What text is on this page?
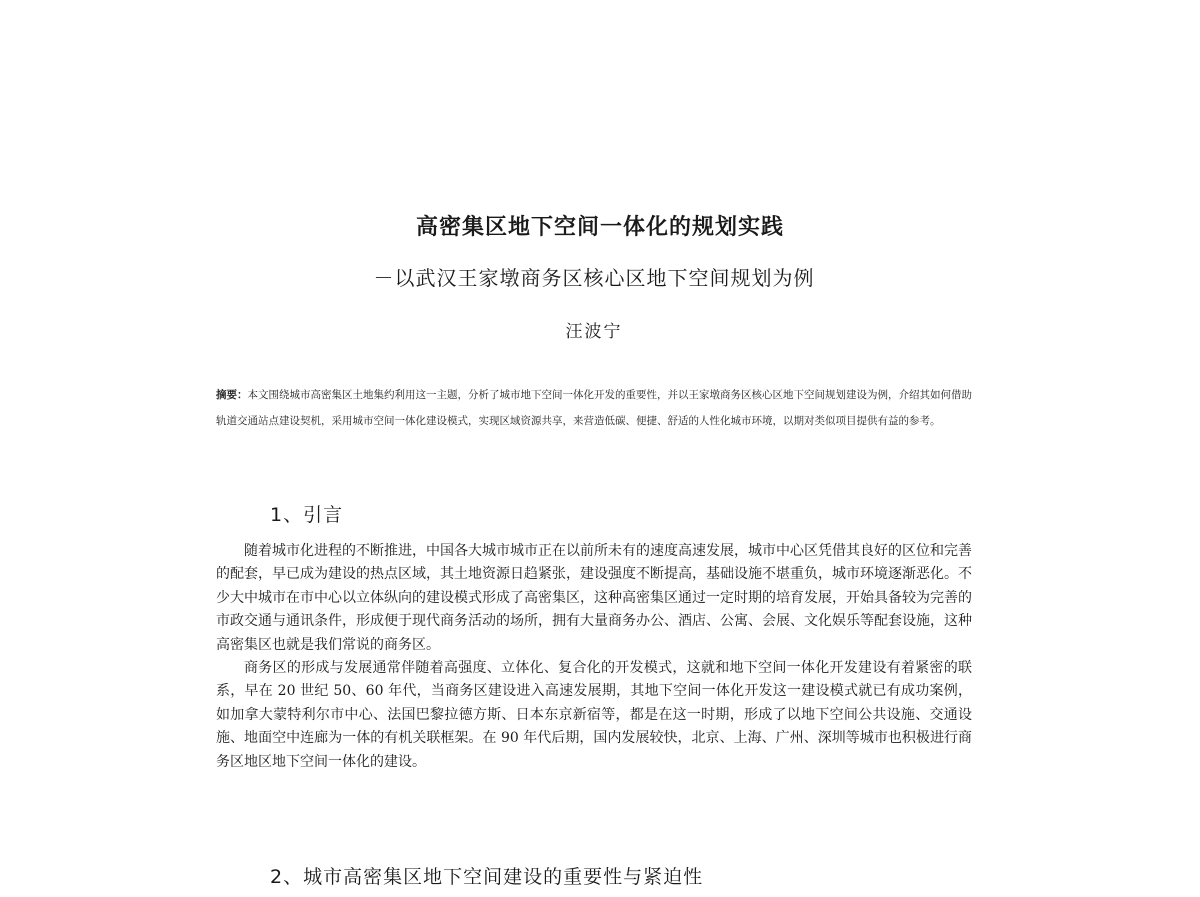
高密集区地下空间一体化的规划实践
－以武汉王家墩商务区核心区地下空间规划为例
汪波宁
摘要：本文围绕城市高密集区土地集约利用这一主题，分析了城市地下空间一体化开发的重要性，并以王家墩商务区核心区地下空间规划建设为例，介绍其如何借助轨道交通站点建设契机，采用城市空间一体化建设模式，实现区域资源共享，来营造低碳、便捷、舒适的人性化城市环境，以期对类似项目提供有益的参考。
1、引言

随着城市化进程的不断推进，中国各大城市城市正在以前所未有的速度高速发展，城市中心区凭借其良好的区位和完善的配套，早已成为建设的热点区域，其土地资源日趋紧张，建设强度不断提高，基础设施不堪重负，城市环境逐渐恶化。不少大中城市在市中心以立体纵向的建设模式形成了高密集区，这种高密集区通过一定时期的培育发展，开始具备较为完善的市政交通与通讯条件，形成便于现代商务活动的场所，拥有大量商务办公、酒店、公寓、会展、文化娱乐等配套设施，这种高密集区也就是我们常说的商务区。

商务区的形成与发展通常伴随着高强度、立体化、复合化的开发模式，这就和地下空间一体化开发建设有着紧密的联系，早在 20 世纪 50、60 年代，当商务区建设进入高速发展期，其地下空间一体化开发这一建设模式就已有成功案例，如加拿大蒙特利尔市中心、法国巴黎拉德方斯、日本东京新宿等，都是在这一时期，形成了以地下空间公共设施、交通设施、地面空中连廊为一体的有机关联框架。在 90 年代后期，国内发展较快，北京、上海、广州、深圳等城市也积极进行商务区地区地下空间一体化的建设。

2、城市高密集区地下空间建设的重要性与紧迫性
